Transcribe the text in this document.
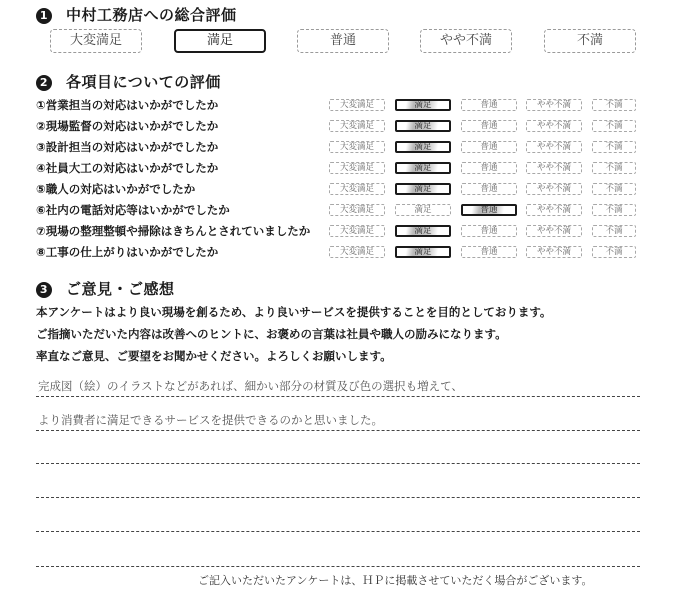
1 中村工務店への総合評価
大変満足	満足	普通	やや不満	不満
2 各項目についての評価
①営業担当の対応はいかがでしたか	大変満足	満足	普通	やや不満	不満
②現場監督の対応はいかがでしたか	大変満足	満足	普通	やや不満	不満
③設計担当の対応はいかがでしたか	大変満足	満足	普通	やや不満	不満
④社員大工の対応はいかがでしたか	大変満足	満足	普通	やや不満	不満
⑤職人の対応はいかがでしたか	大変満足	満足	普通	やや不満	不満
⑥社内の電話対応等はいかがでしたか	大変満足	満足	普通	やや不満	不満
⑦現場の整理整頓や掃除はきちんとされていましたか	大変満足	満足	普通	やや不満	不満
⑧工事の仕上がりはいかがでしたか	大変満足	満足	普通	やや不満	不満
3 ご意見・ご感想
本アンケートはより良い現場を創るため、より良いサービスを提供することを目的としております。
ご指摘いただいた内容は改善へのヒントに、お褒めの言葉は社員や職人の励みになります。
率直なご意見、ご要望をお聞かせください。よろしくお願いします。
完成図（絵）のイラストなどがあれば、細かい部分の材質及び色の選択も増えて、
より消費者に満足できるサービスを提供できるのかと思いました。
ご記入いただいたアンケートは、ＨＰに掲載させていただく場合がございます。
